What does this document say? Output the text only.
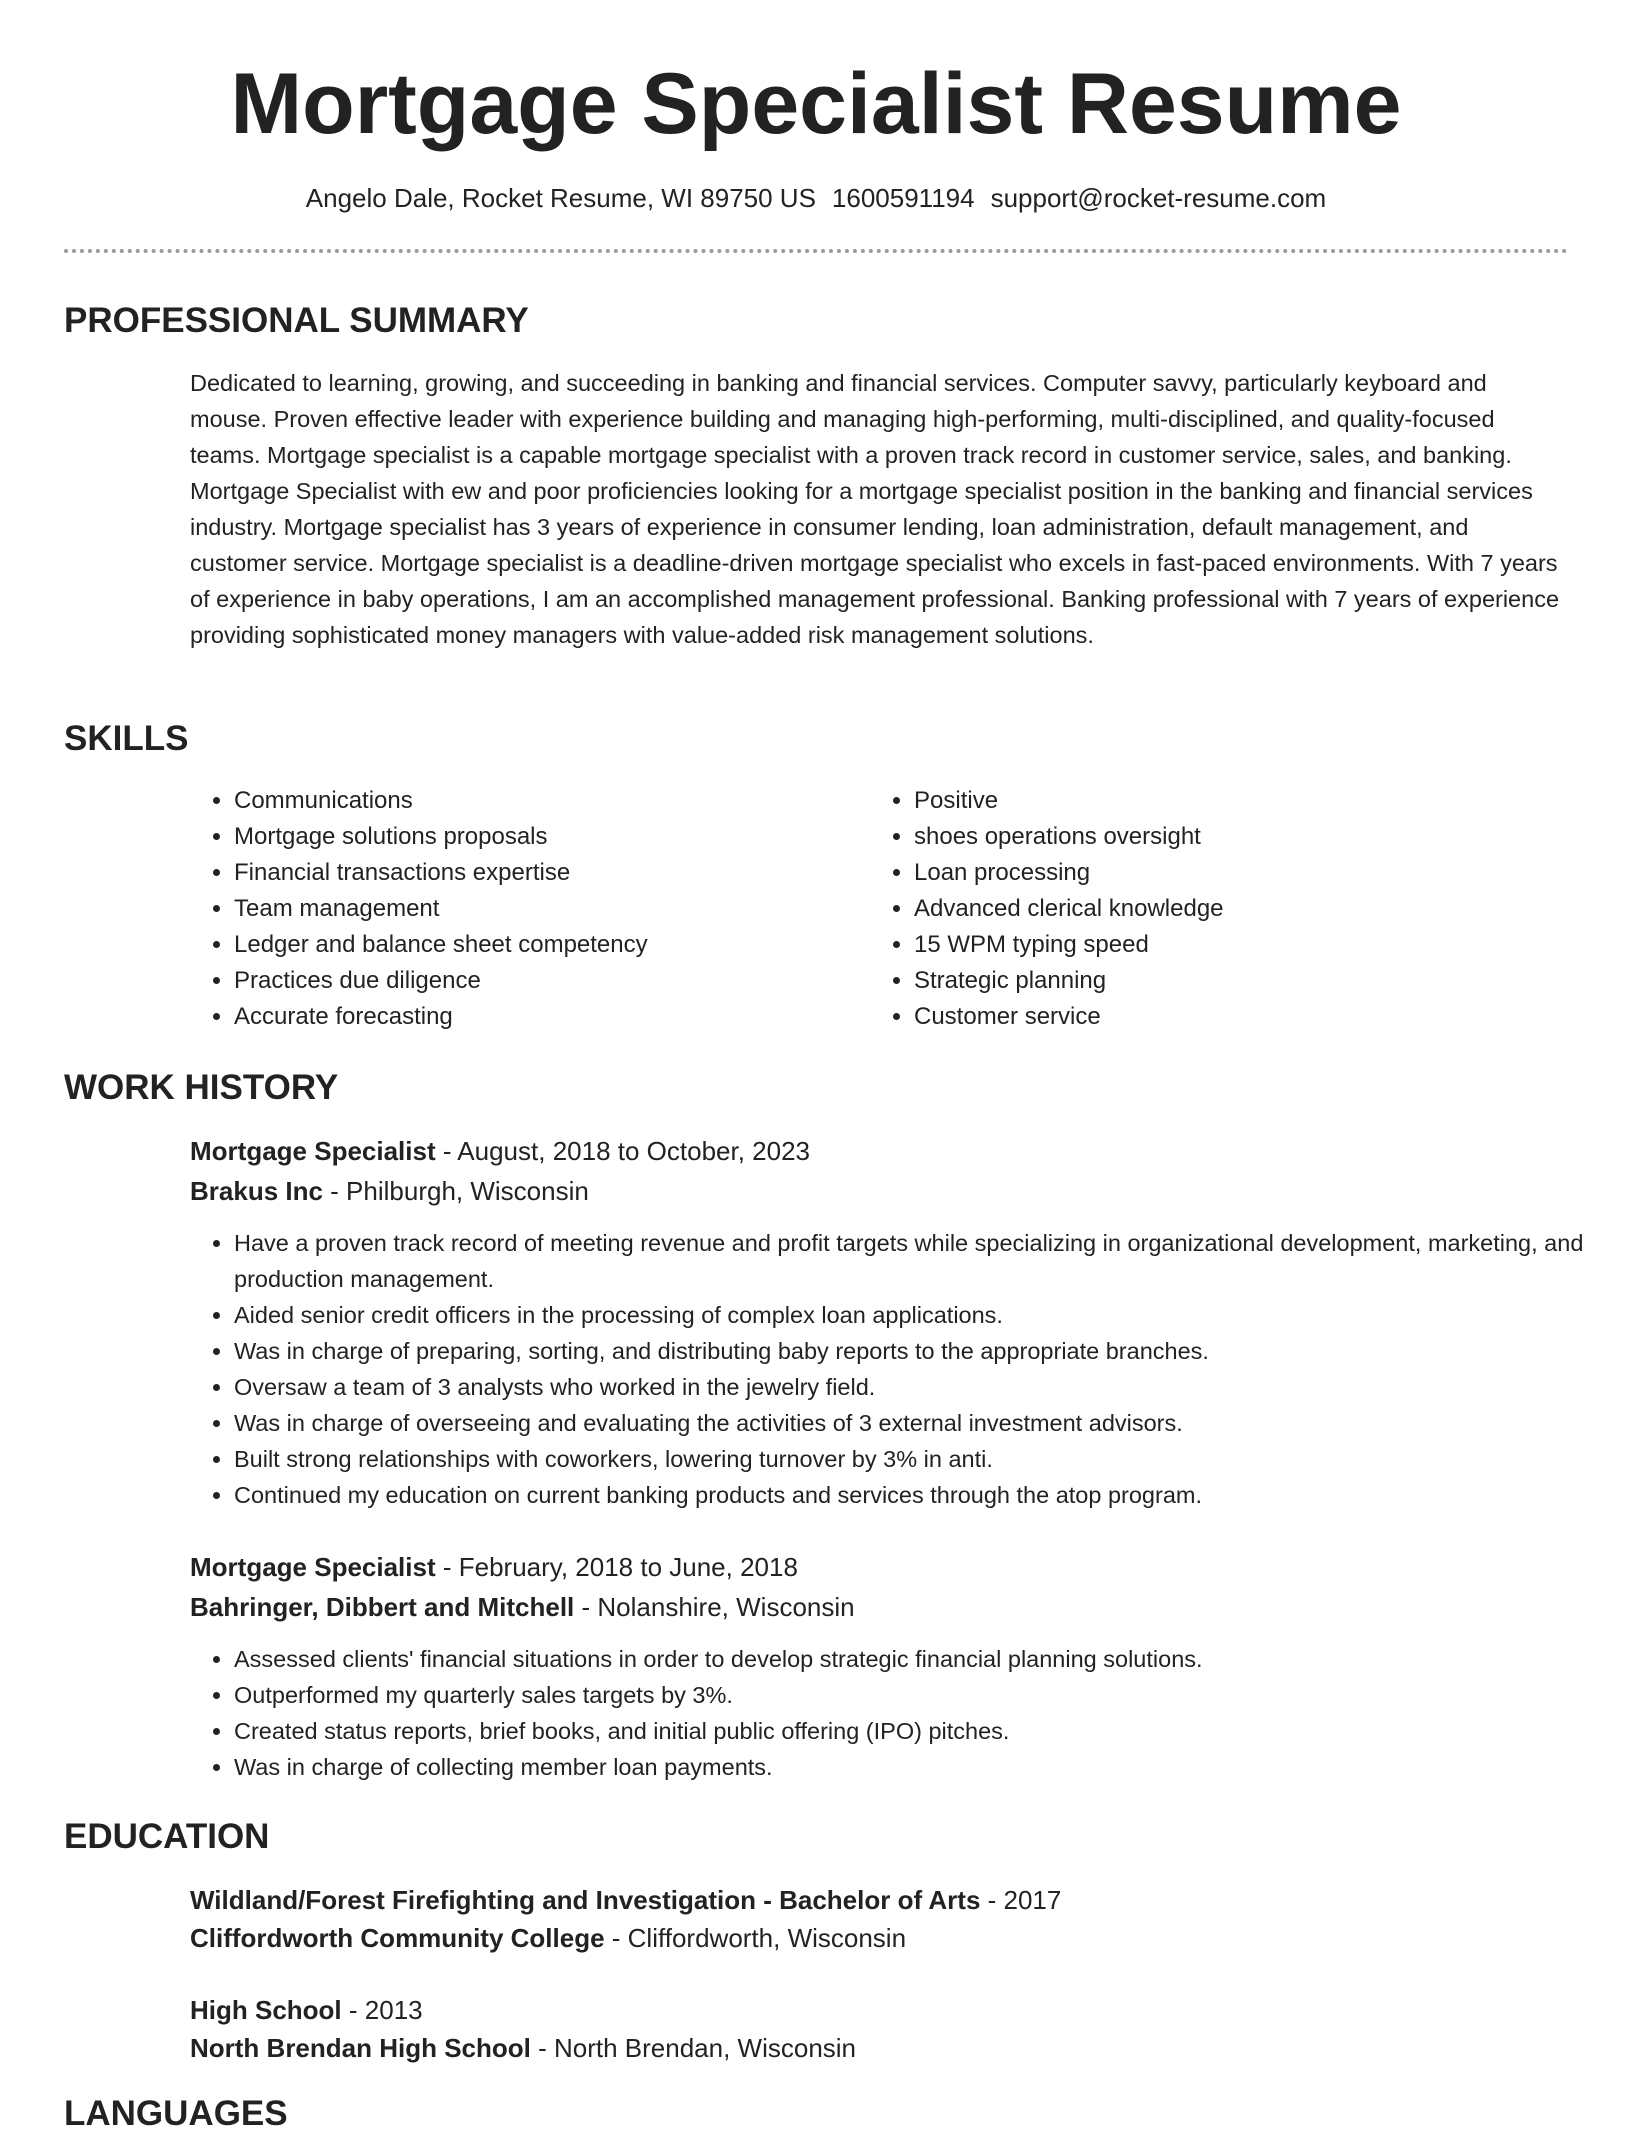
Mortgage Specialist Resume
Angelo Dale, Rocket Resume, WI 89750 US 1600591194 support@rocket-resume.com
PROFESSIONAL SUMMARY

Dedicated to learning, growing, and succeeding in banking and financial services. Computer savvy, particularly keyboard and mouse. Proven effective leader with experience building and managing high-performing, multi-disciplined, and quality-focused teams. Mortgage specialist is a capable mortgage specialist with a proven track record in customer service, sales, and banking. Mortgage Specialist with ew and poor proficiencies looking for a mortgage specialist position in the banking and financial services industry. Mortgage specialist has 3 years of experience in consumer lending, loan administration, default management, and customer service. Mortgage specialist is a deadline-driven mortgage specialist who excels in fast-paced environments. With 7 years of experience in baby operations, I am an accomplished management professional. Banking professional with 7 years of experience providing sophisticated money managers with value-added risk management solutions.

SKILLS
• Communications
• Mortgage solutions proposals
• Financial transactions expertise
• Team management
• Ledger and balance sheet competency
• Practices due diligence
• Accurate forecasting
• Positive
• shoes operations oversight
• Loan processing
• Advanced clerical knowledge
• 15 WPM typing speed
• Strategic planning
• Customer service
WORK HISTORY
Mortgage Specialist - August, 2018 to October, 2023
Brakus Inc - Philburgh, Wisconsin
• Have a proven track record of meeting revenue and profit targets while specializing in organizational development, marketing, and production management.
• Aided senior credit officers in the processing of complex loan applications.
• Was in charge of preparing, sorting, and distributing baby reports to the appropriate branches.
• Oversaw a team of 3 analysts who worked in the jewelry field.
• Was in charge of overseeing and evaluating the activities of 3 external investment advisors.
• Built strong relationships with coworkers, lowering turnover by 3% in anti.
• Continued my education on current banking products and services through the atop program.
Mortgage Specialist - February, 2018 to June, 2018
Bahringer, Dibbert and Mitchell - Nolanshire, Wisconsin
• Assessed clients' financial situations in order to develop strategic financial planning solutions.
• Outperformed my quarterly sales targets by 3%.
• Created status reports, brief books, and initial public offering (IPO) pitches.
• Was in charge of collecting member loan payments.
EDUCATION
Wildland/Forest Firefighting and Investigation - Bachelor of Arts - 2017
Cliffordworth Community College - Cliffordworth, Wisconsin
High School - 2013
North Brendan High School - North Brendan, Wisconsin
LANGUAGES
